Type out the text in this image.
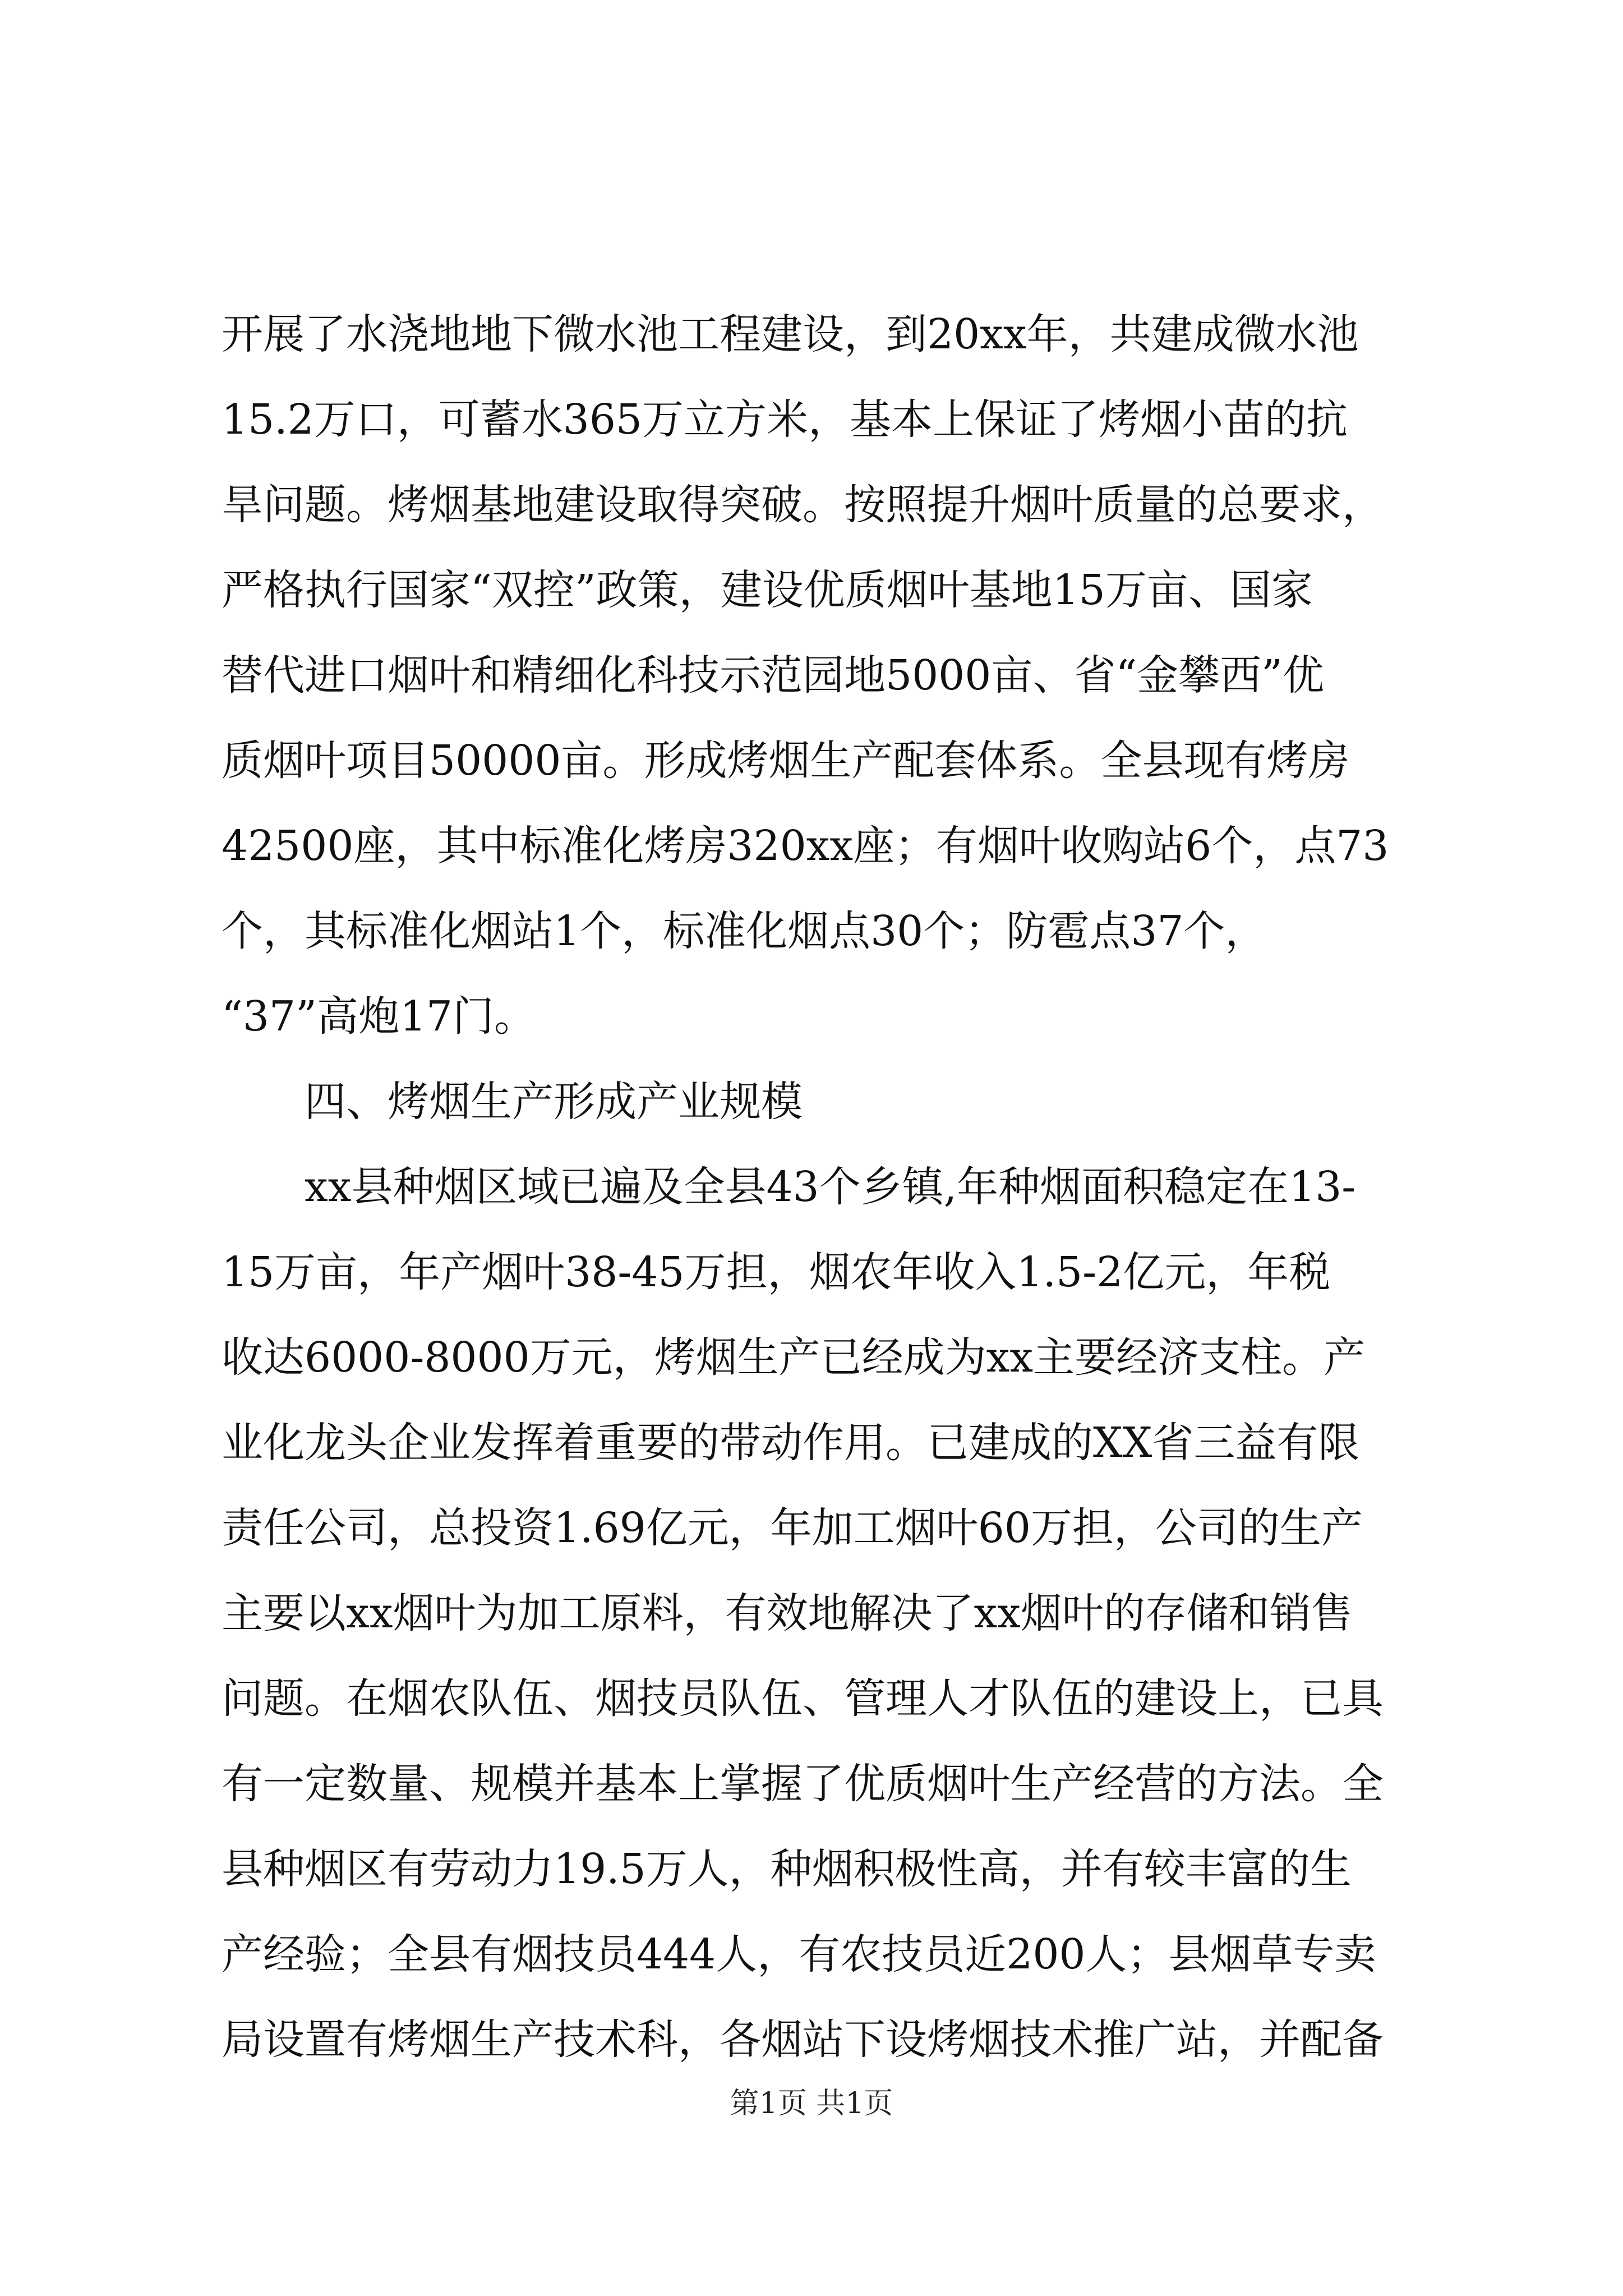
开展了水浇地地下微水池工程建设，到20xx年，共建成微水池
15.2万口，可蓄水365万立方米，基本上保证了烤烟小苗的抗
旱问题。烤烟基地建设取得突破。按照提升烟叶质量的总要求，
严格执行国家“双控”政策，建设优质烟叶基地15万亩、国家
替代进口烟叶和精细化科技示范园地5000亩、省“金攀西”优
质烟叶项目50000亩。形成烤烟生产配套体系。全县现有烤房
42500座，其中标准化烤房320xx座；有烟叶收购站6个，点73
个，其标准化烟站1个，标准化烟点30个；防雹点37个，
“37”高炮17门。
　　四、烤烟生产形成产业规模
　　xx县种烟区域已遍及全县43个乡镇,年种烟面积稳定在13-
15万亩，年产烟叶38-45万担，烟农年收入1.5-2亿元，年税
收达6000-8000万元，烤烟生产已经成为xx主要经济支柱。产
业化龙头企业发挥着重要的带动作用。已建成的XX省三益有限
责任公司，总投资1.69亿元，年加工烟叶60万担，公司的生产
主要以xx烟叶为加工原料，有效地解决了xx烟叶的存储和销售
问题。在烟农队伍、烟技员队伍、管理人才队伍的建设上，已具
有一定数量、规模并基本上掌握了优质烟叶生产经营的方法。全
县种烟区有劳动力19.5万人，种烟积极性高，并有较丰富的生
产经验；全县有烟技员444人，有农技员近200人；县烟草专卖
局设置有烤烟生产技术科，各烟站下设烤烟技术推广站，并配备
第1页 共1页
